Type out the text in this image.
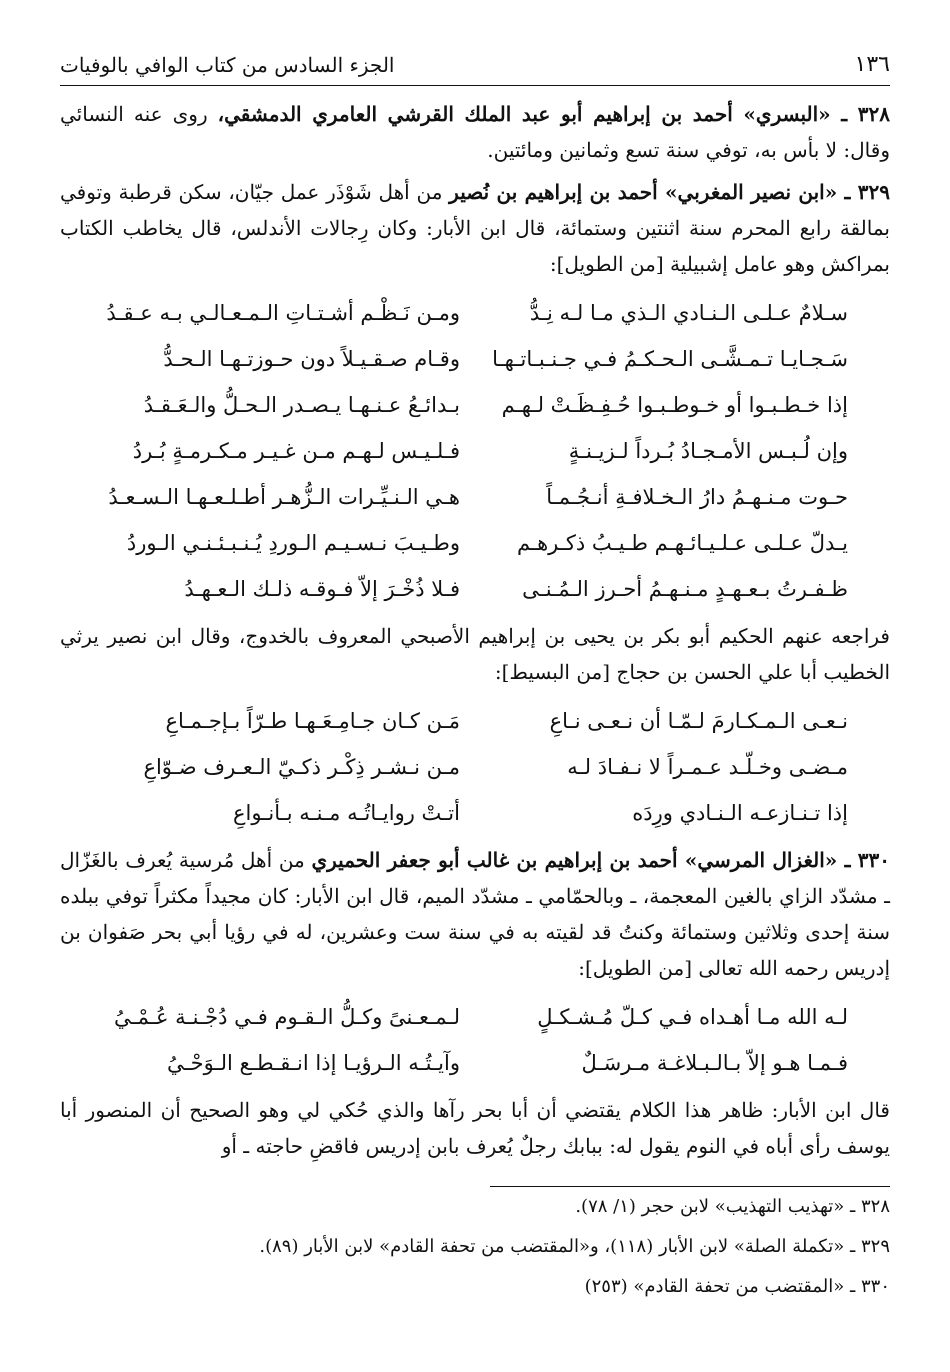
١٣٦
الجزء السادس من كتاب الوافي بالوفيات
٣٢٨ ـ «البسري» أحمد بن إبراهيم أبو عبد الملك القرشي العامري الدمشقي، روى عنه النسائي وقال: لا بأس به، توفي سنة تسع وثمانين ومائتين.
٣٢٩ ـ «ابن نصير المغربي» أحمد بن إبراهيم بن نُصير من أهل شَوْذَر عمل جيّان، سكن قرطبة وتوفي بمالقة رابع المحرم سنة اثنتين وستمائة، قال ابن الأبار: وكان رِجالات الأندلس، قال يخاطب الكتاب بمراكش وهو عامل إشبيلية [من الطويل]:
سـلامٌ عـلـى الـنـادي الـذي مـا لـه نِـدُّ
ومـن نَـظْـم أشـتـاتِ الـمـعـالـي بـه عـقـدُ
سَـجـايـا تـمـشَّـى الـحـكـمُ فـي جـنـبـاتـهـا
وقـام صـقـيـلاً دون حـوزتـهـا الـحـدُّ
إذا خـطـبـوا أو خـوطـبـوا حُـفِـظَـتْ لـهـم
بـدائـعُ عـنـهـا يـصـدر الـحـلُّ والـعَـقـدُ
وإن لُـبـس الأمـجـادُ بُـرداً لـزيـنـةٍ
فـلـيـس لـهـم مـن غـيـر مـكـرمـةٍ بُـردُ
حـوت مـنـهـمُ دارُ الـخـلافـةِ أنـجُـمـاً
هـي الـنـيِّـرات الـزُّهـر أطـلـعـهـا الـسـعـدُ
يـدلّ عـلـى عـلـيـائـهـم طـيـبُ ذكـرهـم
وطـيـبَ نـسـيـم الـوردِ يُـنـبـئـنـي الـوردُ
ظـفـرتُ بـعـهـدٍ مـنـهـمُ أحـرز الـمُـنـى
فـلا ذُخْـرَ إلاّ فـوقـه ذلـك الـعـهـدُ
فراجعه عنهم الحكيم أبو بكر بن يحيى بن إبراهيم الأصبحي المعروف بالخدوج، وقال ابن نصير يرثي الخطيب أبا علي الحسن بن حجاج [من البسيط]:
نـعـى الـمـكـارمَ لـمّـا أن نـعـى نـاعِ
مَـن كـان جـامِـعَـهـا طـرّاً بـإجـمـاعِ
مـضـى وخـلّـد عـمـراً لا نـفـادَ لـه
مـن نـشـر ذِكْـر ذكـيّ الـعـرف ضـوّاعِ
إذا تـنـازعـه الـنـادي ورِدَه
أتـتْ روايـاتُـه مـنـه بـأنـواعِ
٣٣٠ ـ «الغزال المرسي» أحمد بن إبراهيم بن غالب أبو جعفر الحميري من أهل مُرسية يُعرف بالغَزّال ـ مشدّد الزاي بالغين المعجمة، ـ وبالحمّامي ـ مشدّد الميم، قال ابن الأبار: كان مجيداً مكثراً توفي ببلده سنة إحدى وثلاثين وستمائة وكنتُ قد لقيته به في سنة ست وعشرين، له في رؤيا أبي بحر صَفوان بن إدريس رحمه الله تعالى [من الطويل]:
لـه الله مـا أهـداه فـي كـلّ مُـشـكـلٍ
لـمـعـنىً وكـلُّ الـقـوم فـي دُجْـنـة عُـمْـيُ
فـمـا هـو إلاّ بـالـبـلاغـة مـرسَـلٌ
وآيـتُـه الـرؤيـا إذا انـقـطـع الـوَحْـيُ
قال ابن الأبار: ظاهر هذا الكلام يقتضي أن أبا بحر رآها والذي حُكي لي وهو الصحيح أن المنصور أبا يوسف رأى أباه في النوم يقول له: ببابك رجلٌ يُعرف بابن إدريس فاقضِ حاجته ـ أو
٣٢٨ ـ «تهذيب التهذيب» لابن حجر (١/ ٧٨).
٣٢٩ ـ «تكملة الصلة» لابن الأبار (١١٨)، و«المقتضب من تحفة القادم» لابن الأبار (٨٩).
٣٣٠ ـ «المقتضب من تحفة القادم» (٢٥٣)
